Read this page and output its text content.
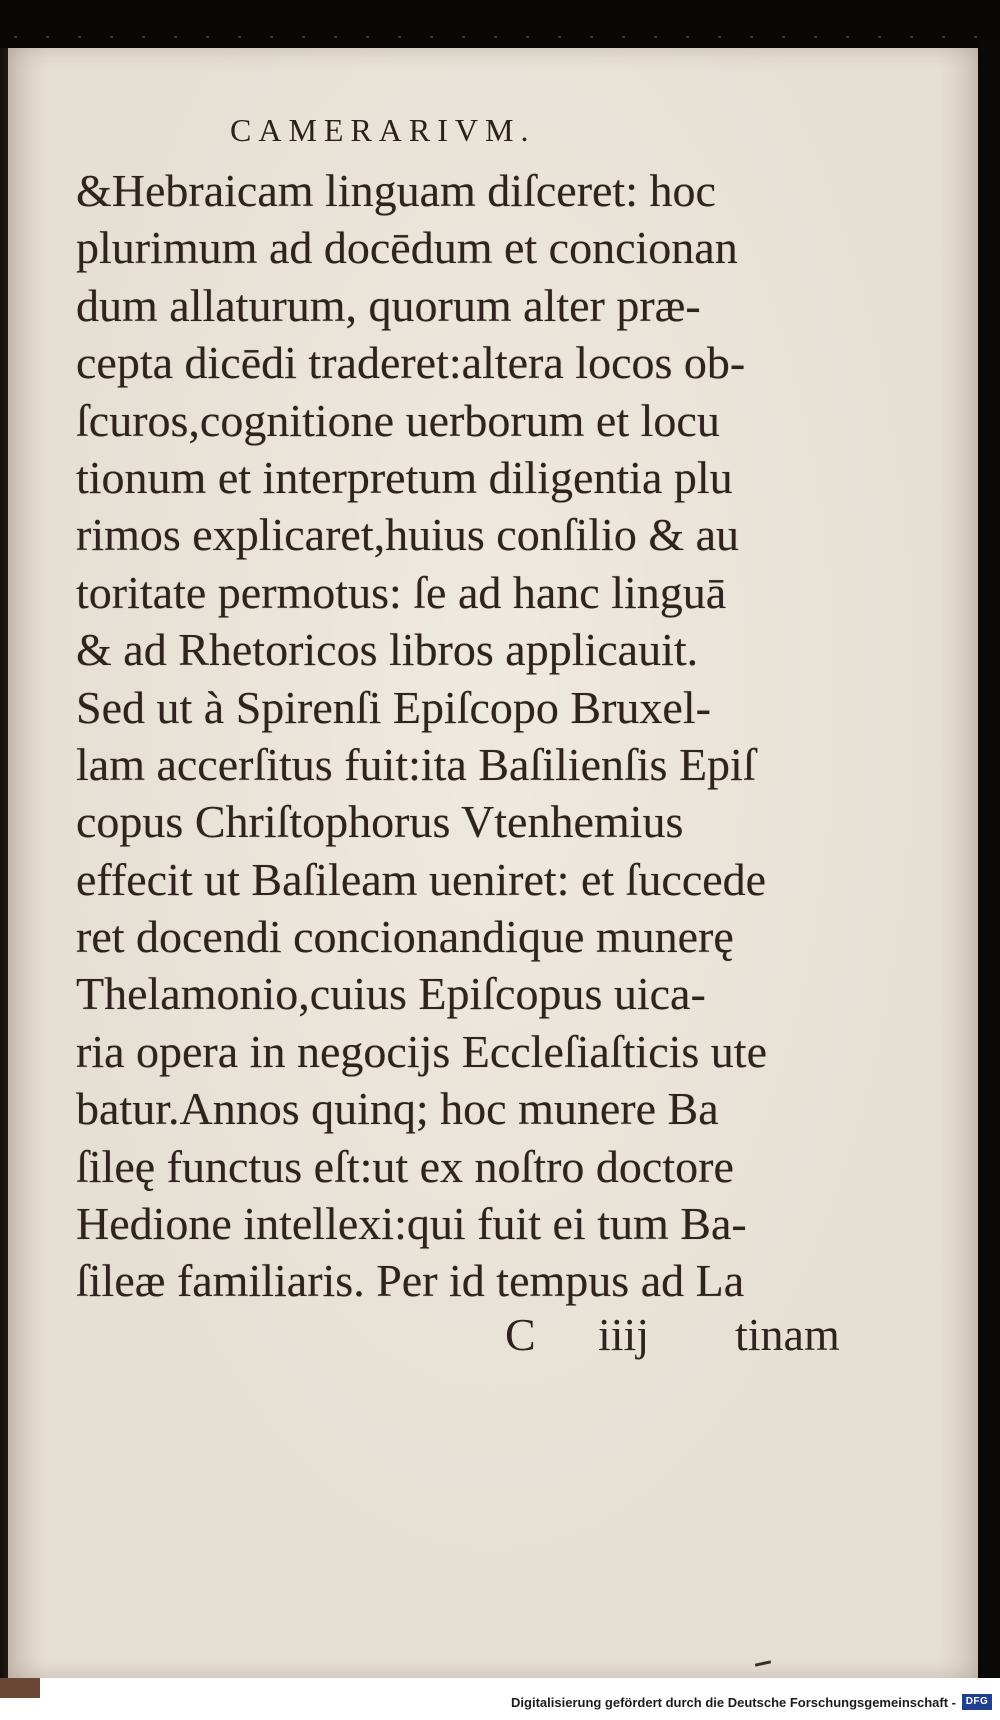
CAMERARIVM.
&Hebraicam linguam diſceret: hoc
plurimum ad docēdum et concionan
dum allaturum, quorum alter præ-
cepta dicēdi traderet:altera locos ob-
ſcuros,cognitione uerborum et locu
tionum et interpretum diligentia plu
rimos explicaret,huius conſilio & au
toritate permotus: ſe ad hanc linguā
& ad Rhetoricos libros applicauit.
Sed ut à Spirenſi Epiſcopo Bruxel-
lam accerſitus fuit:ita Baſilienſis Epiſ
copus Chriſtophorus Vtenhemius
effecit ut Baſileam ueniret: et ſuccede
ret docendi concionandique munerę
Thelamonio,cuius Epiſcopus uica-
ria opera in negocijs Eccleſiaſticis ute
batur.Annos quinq; hoc munere Ba
ſileę functus eſt:ut ex noſtro doctore
Hedione intellexi:qui fuit ei tum Ba-
ſileæ familiaris. Per id tempus ad La
C iiij tinam
Digitalisierung gefördert durch die Deutsche Forschungsgemeinschaft - DFG
